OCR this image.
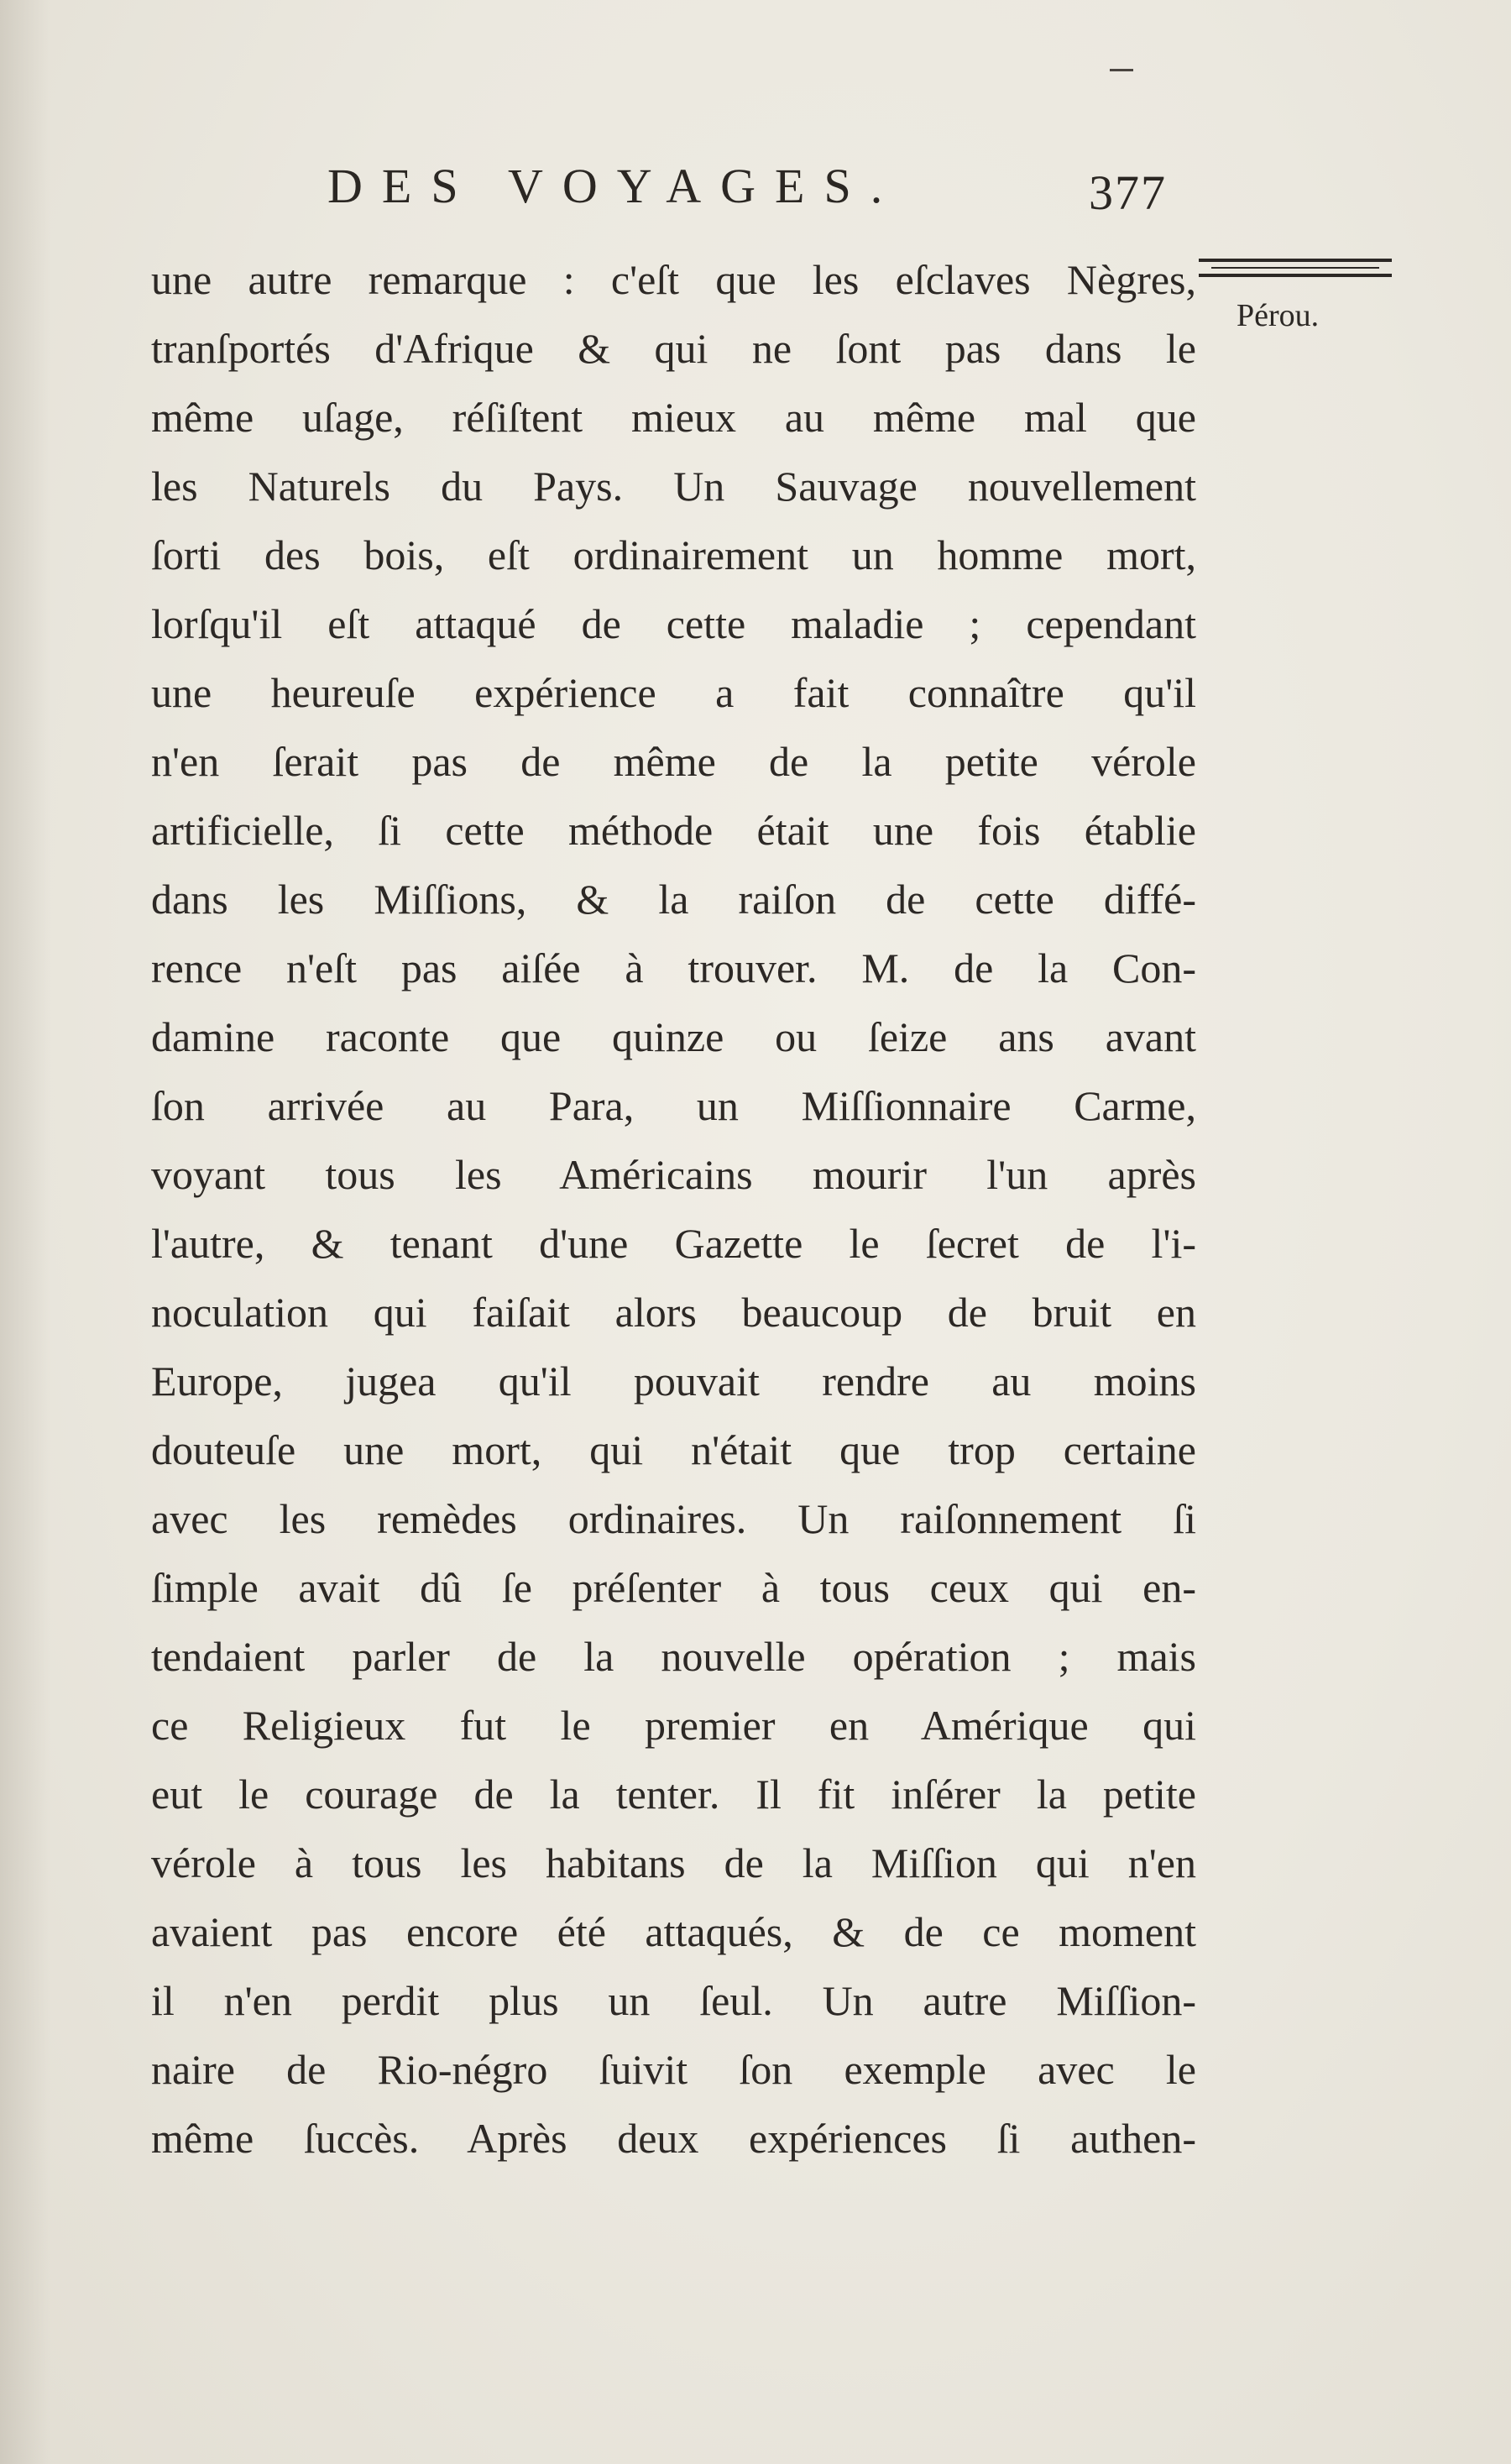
DES VOYAGES.	377
Pérou.
une autre remarque : c'eſt que les eſclaves Nègres,
tranſportés d'Afrique & qui ne ſont pas dans le
même uſage, réſiſtent mieux au même mal que
les Naturels du Pays. Un Sauvage nouvellement
ſorti des bois, eſt ordinairement un homme mort,
lorſqu'il eſt attaqué de cette maladie ; cependant
une heureuſe expérience a fait connaître qu'il
n'en ſerait pas de même de la petite vérole
artificielle, ſi cette méthode était une fois établie
dans les Miſſions, & la raiſon de cette diffé-
rence n'eſt pas aiſée à trouver. M. de la Con-
damine raconte que quinze ou ſeize ans avant
ſon arrivée au Para, un Miſſionnaire Carme,
voyant tous les Américains mourir l'un après
l'autre, & tenant d'une Gazette le ſecret de l'i-
noculation qui faiſait alors beaucoup de bruit en
Europe, jugea qu'il pouvait rendre au moins
douteuſe une mort, qui n'était que trop certaine
avec les remèdes ordinaires. Un raiſonnement ſi
ſimple avait dû ſe préſenter à tous ceux qui en-
tendaient parler de la nouvelle opération ; mais
ce Religieux fut le premier en Amérique qui
eut le courage de la tenter. Il fit inſérer la petite
vérole à tous les habitans de la Miſſion qui n'en
avaient pas encore été attaqués, & de ce moment
il n'en perdit plus un ſeul. Un autre Miſſion-
naire de Rio-négro ſuivit ſon exemple avec le
même ſuccès. Après deux expériences ſi authen-
